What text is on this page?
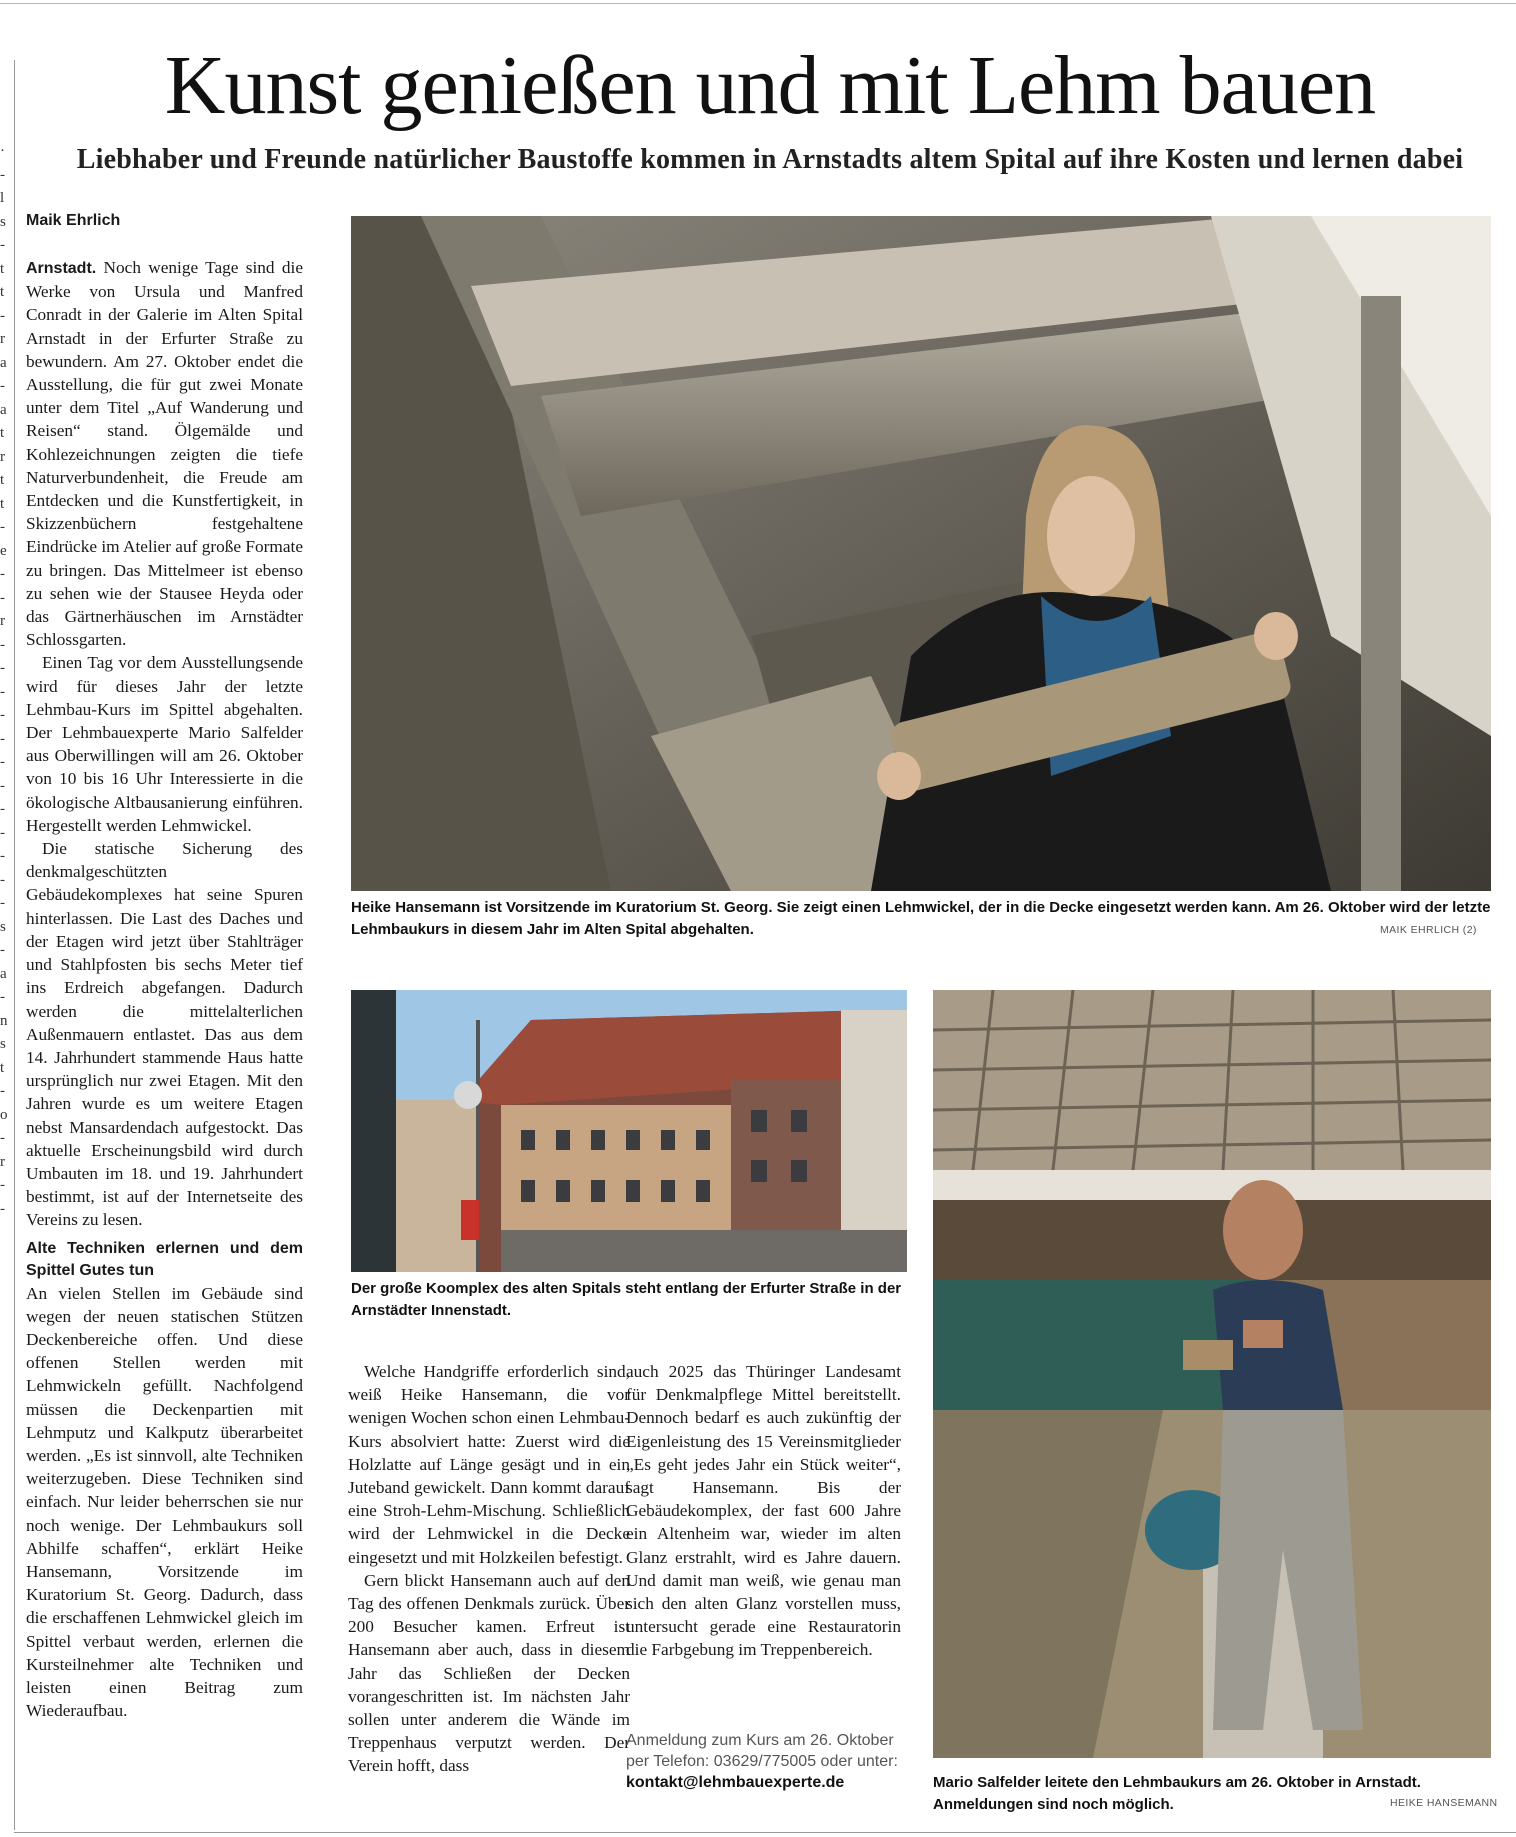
·
-
l
s
-
t
t
-
r
a
-
a
t
r
t
t
-
e
-
-
r
-
-
-
-
-
-
-
-
-
-
-
-
s
-
a
-
n
s
t
-
o
-
r
-
-
Kunst genießen und mit Lehm bauen
Liebhaber und Freunde natürlicher Baustoffe kommen in Arnstadts altem Spital auf ihre Kosten und lernen dabei
Maik Ehrlich

Arnstadt. Noch wenige Tage sind die Werke von Ursula und Manfred Conradt in der Galerie im Alten Spital Arnstadt in der Erfurter Straße zu bewundern. Am 27. Oktober endet die Ausstellung, die für gut zwei Monate unter dem Titel „Auf Wanderung und Reisen“ stand. Ölgemälde und Kohlezeichnungen zeigten die tiefe Naturverbundenheit, die Freude am Entdecken und die Kunstfertigkeit, in Skizzenbüchern festgehaltene Eindrücke im Atelier auf große Formate zu bringen. Das Mittelmeer ist ebenso zu sehen wie der Stausee Heyda oder das Gärtnerhäuschen im Arnstädter Schlossgarten.

Einen Tag vor dem Ausstellungsende wird für dieses Jahr der letzte Lehmbau-Kurs im Spittel abgehalten. Der Lehmbauexperte Mario Salfelder aus Oberwillingen will am 26. Oktober von 10 bis 16 Uhr Interessierte in die ökologische Altbausanierung einführen. Hergestellt werden Lehmwickel.

Die statische Sicherung des denkmalgeschützten Gebäudekomplexes hat seine Spuren hinterlassen. Die Last des Daches und der Etagen wird jetzt über Stahlträger und Stahlpfosten bis sechs Meter tief ins Erdreich abgefangen. Dadurch werden die mittelalterlichen Außenmauern entlastet. Das aus dem 14. Jahrhundert stammende Haus hatte ursprünglich nur zwei Etagen. Mit den Jahren wurde es um weitere Etagen nebst Mansardendach aufgestockt. Das aktuelle Erscheinungsbild wird durch Umbauten im 18. und 19. Jahrhundert bestimmt, ist auf der Internetseite des Vereins zu lesen.

Alte Techniken erlernen und dem Spittel Gutes tun

An vielen Stellen im Gebäude sind wegen der neuen statischen Stützen Deckenbereiche offen. Und diese offenen Stellen werden mit Lehmwickeln gefüllt. Nachfolgend müssen die Deckenpartien mit Lehmputz und Kalkputz überarbeitet werden. „Es ist sinnvoll, alte Techniken weiterzugeben. Diese Techniken sind einfach. Nur leider beherrschen sie nur noch wenige. Der Lehmbaukurs soll Abhilfe schaffen“, erklärt Heike Hansemann, Vorsitzende im Kuratorium St. Georg. Dadurch, dass die erschaffenen Lehmwickel gleich im Spittel verbaut werden, erlernen die Kursteilnehmer alte Techniken und leisten einen Beitrag zum Wiederaufbau.

Welche Handgriffe erforderlich sind, weiß Heike Hansemann, die vor wenigen Wochen schon einen Lehmbau-Kurs absolviert hatte: Zuerst wird die Holzlatte auf Länge gesägt und in ein Juteband gewickelt. Dann kommt darauf eine Stroh-Lehm-Mischung. Schließlich wird der Lehmwickel in die Decke eingesetzt und mit Holzkeilen befestigt.

Gern blickt Hansemann auch auf den Tag des offenen Denkmals zurück. Über 200 Besucher kamen. Erfreut ist Hansemann aber auch, dass in diesem Jahr das Schließen der Decken vorangeschritten ist. Im nächsten Jahr sollen unter anderem die Wände im Treppenhaus verputzt werden. Der Verein hofft, dass

auch 2025 das Thüringer Landesamt für Denkmalpflege Mittel bereitstellt. Dennoch bedarf es auch zukünftig der Eigenleistung des 15 Vereinsmitglieder „Es geht jedes Jahr ein Stück weiter“, sagt Hansemann. Bis der Gebäudekomplex, der fast 600 Jahre ein Altenheim war, wieder im alten Glanz erstrahlt, wird es Jahre dauern. Und damit man weiß, wie genau man sich den alten Glanz vorstellen muss, untersucht gerade eine Restauratorin die Farbgebung im Treppenbereich.

Anmeldung zum Kurs am 26. Oktober
per Telefon: 03629/775005 oder unter:
kontakt@lehmbauexperte.de
Heike Hansemann ist Vorsitzende im Kuratorium St. Georg. Sie zeigt einen Lehmwickel, der in die Decke eingesetzt werden kann. Am 26. Oktober wird der letzte Lehmbaukurs in diesem Jahr im Alten Spital abgehalten.	MAIK EHRLICH (2)
Der große Koomplex des alten Spitals steht entlang der Erfurter Straße in der Arnstädter Innenstadt.
Mario Salfelder leitete den Lehmbaukurs am 26. Oktober in Arnstadt. Anmeldungen sind noch möglich.	HEIKE HANSEMANN
